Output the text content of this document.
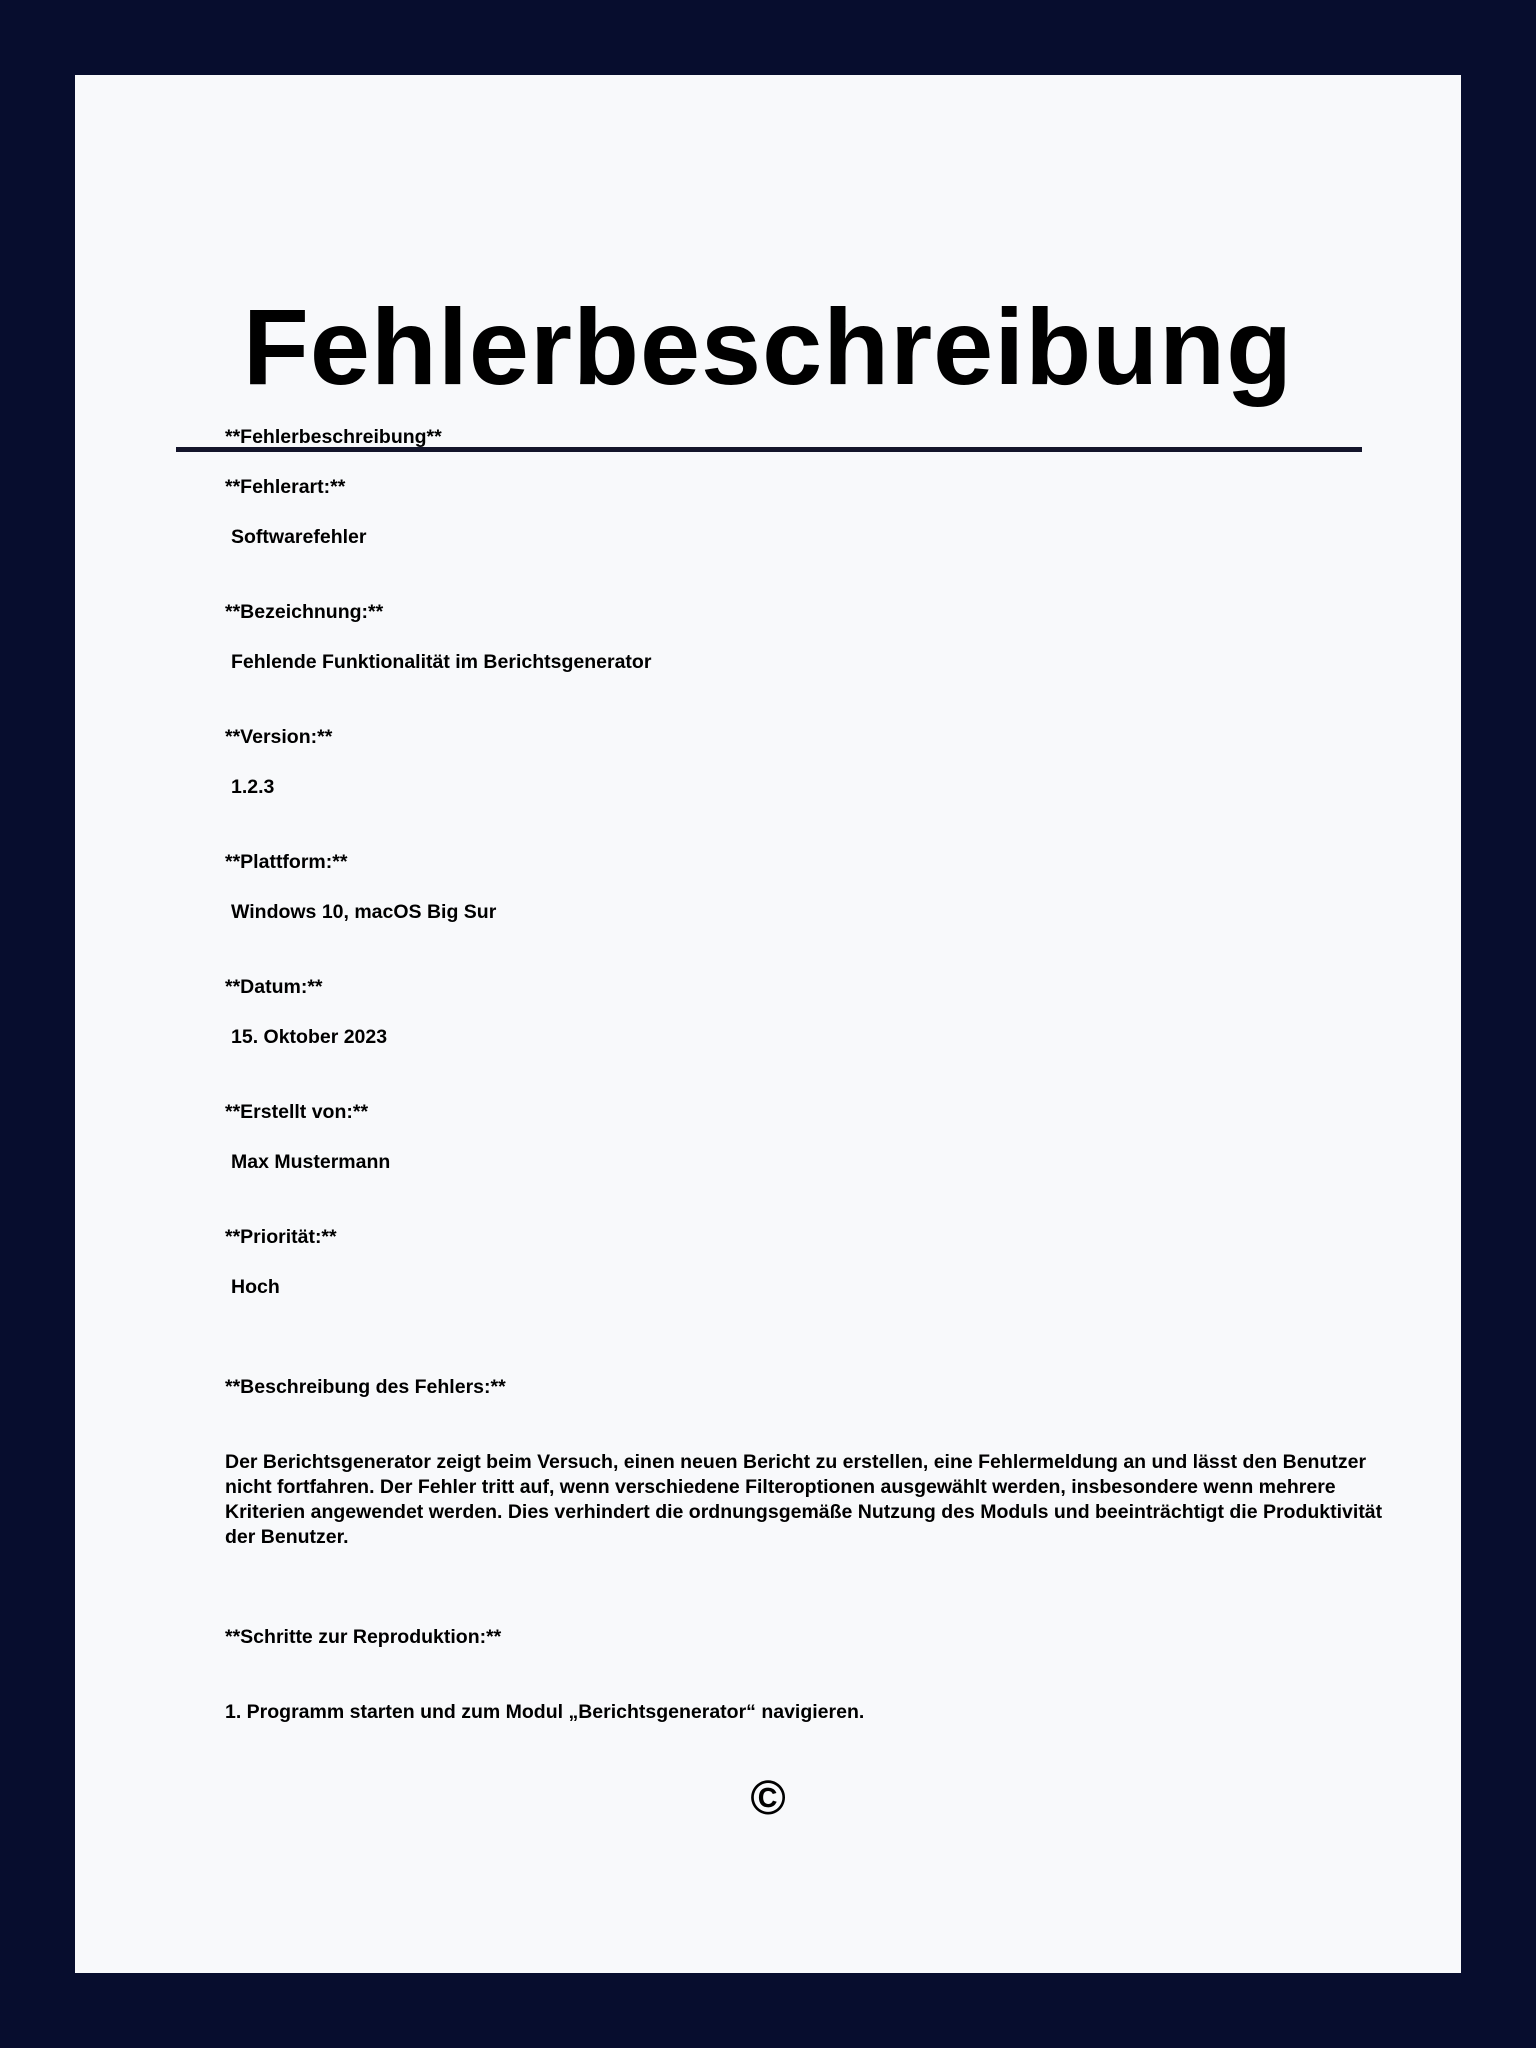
Fehlerbeschreibung
**Fehlerbeschreibung**
**Fehlerart:**
Softwarefehler
**Bezeichnung:**
Fehlende Funktionalität im Berichtsgenerator
**Version:**
1.2.3
**Plattform:**
Windows 10, macOS Big Sur
**Datum:**
15. Oktober 2023
**Erstellt von:**
Max Mustermann
**Priorität:**
Hoch
**Beschreibung des Fehlers:**
Der Berichtsgenerator zeigt beim Versuch, einen neuen Bericht zu erstellen, eine Fehlermeldung an und lässt den Benutzer nicht fortfahren. Der Fehler tritt auf, wenn verschiedene Filteroptionen ausgewählt werden, insbesondere wenn mehrere Kriterien angewendet werden. Dies verhindert die ordnungsgemäße Nutzung des Moduls und beeinträchtigt die Produktivität der Benutzer.
**Schritte zur Reproduktion:**
1. Programm starten und zum Modul „Berichtsgenerator“ navigieren.
©
